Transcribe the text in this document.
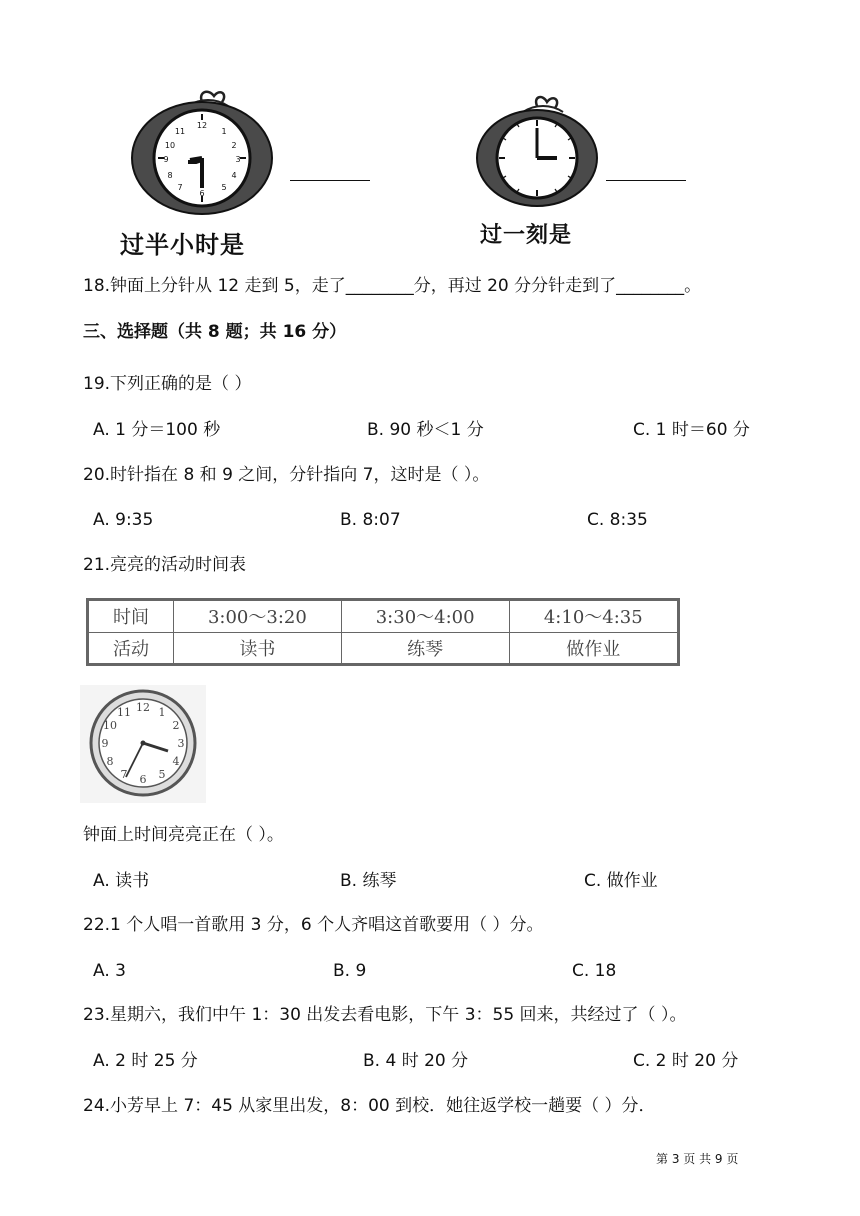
12
1
2
3
4
5
6
7
8
9
10
11
过半小时是	过一刻是
18.钟面上分针从 12 走到 5，走了________分，再过 20 分分针走到了________。
三、选择题（共 8 题；共 16 分）
19.下列正确的是（ ）
A. 1 分＝100 秒	B. 90 秒＜1 分	C. 1 时＝60 分
20.时针指在 8 和 9 之间，分针指向 7，这时是（ ）。
A. 9:35	B. 8:07	C. 8:35
21.亮亮的活动时间表
时间	3:00～3:20	3:30～4:00	4:10～4:35
活动	读书	练琴	做作业
12 1
2
3
4
5
6
7
8
9
10
11
钟面上时间亮亮正在（ ）。
A. 读书	B. 练琴	C. 做作业
22.1 个人唱一首歌用 3 分，6 个人齐唱这首歌要用（ ）分。
A. 3	B. 9	C. 18
23.星期六，我们中午 1：30 出发去看电影，下午 3：55 回来，共经过了（ ）。
A. 2 时 25 分	B. 4 时 20 分	C. 2 时 20 分
24.小芳早上 7：45 从家里出发，8：00 到校．她往返学校一趟要（ ）分．
第 3 页 共 9 页
